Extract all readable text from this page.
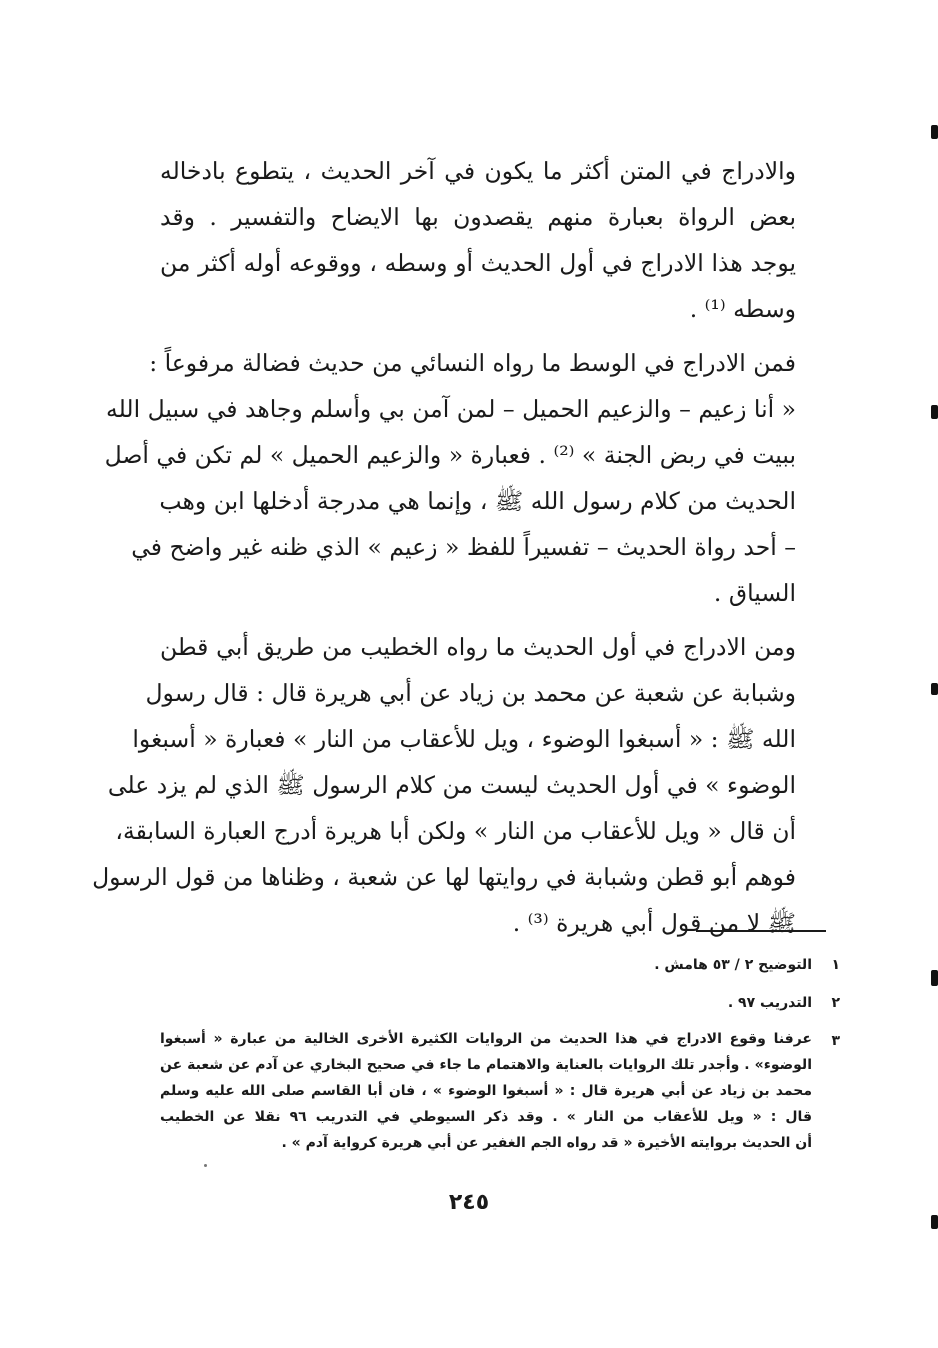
والادراج في المتن أكثر ما يكون في آخر الحديث ، يتطوع بادخاله
بعض الرواة بعبارة منهم يقصدون بها الايضاح والتفسير . وقد
يوجد هذا الادراج في أول الحديث أو وسطه ، ووقوعه أوله أكثر من
وسطه ⁽¹⁾ .

فمن الادراج في الوسط ما رواه النسائي من حديث فضالة مرفوعاً :
« أنا زعيم – والزعيم الحميل – لمن آمن بي وأسلم وجاهد في سبيل الله
ببيت في ربض الجنة » ⁽²⁾ . فعبارة « والزعيم الحميل » لم تكن في أصل
الحديث من كلام رسول الله ﷺ ، وإنما هي مدرجة أدخلها ابن وهب
– أحد رواة الحديث – تفسيراً للفظ « زعيم » الذي ظنه غير واضح في
السياق .

ومن الادراج في أول الحديث ما رواه الخطيب من طريق أبي قطن
وشبابة عن شعبة عن محمد بن زياد عن أبي هريرة قال : قال رسول
الله ﷺ : « أسبغوا الوضوء ، ويل للأعقاب من النار » فعبارة « أسبغوا
الوضوء » في أول الحديث ليست من كلام الرسول ﷺ الذي لم يزد على
أن قال « ويل للأعقاب من النار » ولكن أبا هريرة أدرج العبارة السابقة،
فوهم أبو قطن وشبابة في روايتها لها عن شعبة ، وظناها من قول الرسول
ﷺ لا من قول أبي هريرة ⁽³⁾ .

١
التوضيح ٢ / ٥٣ هامش .
٢
التدريب ٩٧ .
٣
عرفنا وقوع الادراج في هذا الحديث من الروايات الكثيرة الأخرى الخالية من عبارة « أسبغوا
الوضوء» . وأجدر تلك الروايات بالعناية والاهتمام ما جاء في صحيح البخاري عن آدم عن شعبة عن
محمد بن زياد عن أبي هريرة قال : « أسبغوا الوضوء » ، فان أبا القاسم صلى الله عليه وسلم
قال : « ويل للأعقاب من النار » . وقد ذكر السيوطي في التدريب ٩٦ نقلا عن الخطيب
أن الحديث بروايته الأخيرة « قد رواه الجم الغفير عن أبي هريرة كرواية آدم » .
٢٤٥
